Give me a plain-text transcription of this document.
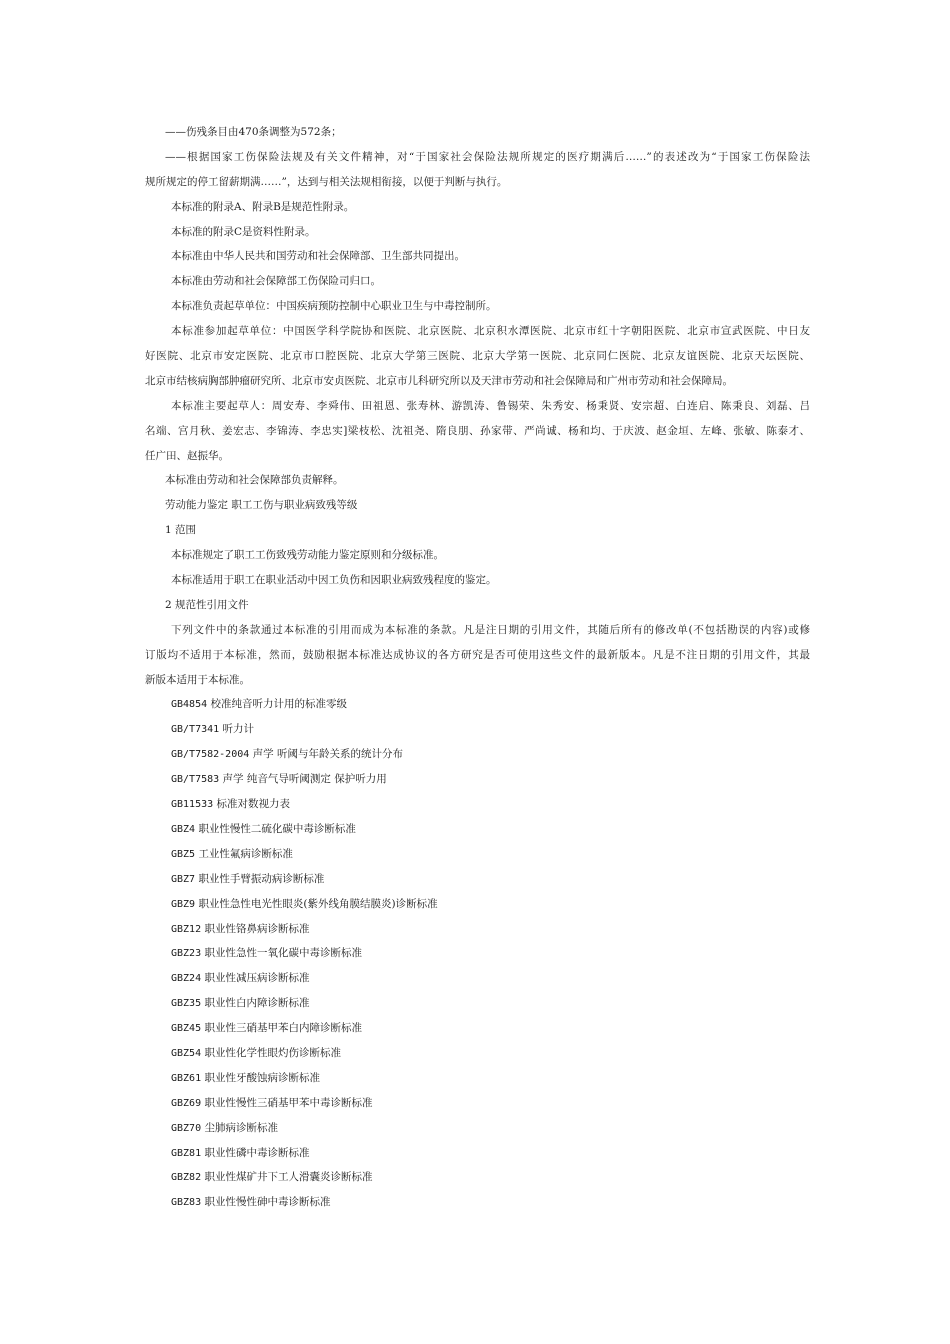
——伤残条目由470条调整为572条；
——根据国家工伤保险法规及有关文件精神，对“于国家社会保险法规所规定的医疗期满后……”的表述改为“于国家工伤保险法
规所规定的停工留薪期满……”，达到与相关法规相衔接，以便于判断与执行。
本标准的附录A、附录B是规范性附录。
本标准的附录C是资料性附录。
本标准由中华人民共和国劳动和社会保障部、卫生部共同提出。
本标准由劳动和社会保障部工伤保险司归口。
本标准负责起草单位：中国疾病预防控制中心职业卫生与中毒控制所。
本标准参加起草单位：中国医学科学院协和医院、北京医院、北京积水潭医院、北京市红十字朝阳医院、北京市宣武医院、中日友
好医院、北京市安定医院、北京市口腔医院、北京大学第三医院、北京大学第一医院、北京同仁医院、北京友谊医院、北京天坛医院、
北京市结核病胸部肿瘤研究所、北京市安贞医院、北京市儿科研究所以及天津市劳动和社会保障局和广州市劳动和社会保障局。
本标准主要起草人：周安寿、李舜伟、田祖恩、张寿林、游凯涛、鲁锡荣、朱秀安、杨秉贤、安宗超、白连启、陈秉良、刘磊、吕
名端、宫月秋、姜宏志、李锦涛、李忠实]梁枝松、沈祖尧、隋良朋、孙家带、严尚诚、杨和均、于庆波、赵金垣、左峰、张敏、陈泰才、
任广田、赵振华。
本标准由劳动和社会保障部负责解释。
劳动能力鉴定 职工工伤与职业病致残等级
1 范围
本标准规定了职工工伤致残劳动能力鉴定原则和分级标准。
本标准适用于职工在职业活动中因工负伤和因职业病致残程度的鉴定。
2 规范性引用文件
下列文件中的条款通过本标准的引用而成为本标准的条款。凡是注日期的引用文件，其随后所有的修改单(不包括勘误的内容)或修
订版均不适用于本标准，然而，鼓励根据本标准达成协议的各方研究是否可使用这些文件的最新版本。凡是不注日期的引用文件，其最
新版本适用于本标准。
GB4854 校准纯音听力计用的标准零级
GB/T7341 听力计
GB/T7582-2004 声学 听阈与年龄关系的统计分布
GB/T7583 声学 纯音气导听阈测定 保护听力用
GB11533 标准对数视力表
GBZ4 职业性慢性二硫化碳中毒诊断标准
GBZ5 工业性氟病诊断标准
GBZ7 职业性手臂振动病诊断标准
GBZ9 职业性急性电光性眼炎(紫外线角膜结膜炎)诊断标准
GBZ12 职业性铬鼻病诊断标准
GBZ23 职业性急性一氧化碳中毒诊断标准
GBZ24 职业性减压病诊断标准
GBZ35 职业性白内障诊断标准
GBZ45 职业性三硝基甲苯白内障诊断标准
GBZ54 职业性化学性眼灼伤诊断标准
GBZ61 职业性牙酸蚀病诊断标准
GBZ69 职业性慢性三硝基甲苯中毒诊断标准
GBZ70 尘肺病诊断标准
GBZ81 职业性磷中毒诊断标准
GBZ82 职业性煤矿井下工人滑囊炎诊断标准
GBZ83 职业性慢性砷中毒诊断标准
